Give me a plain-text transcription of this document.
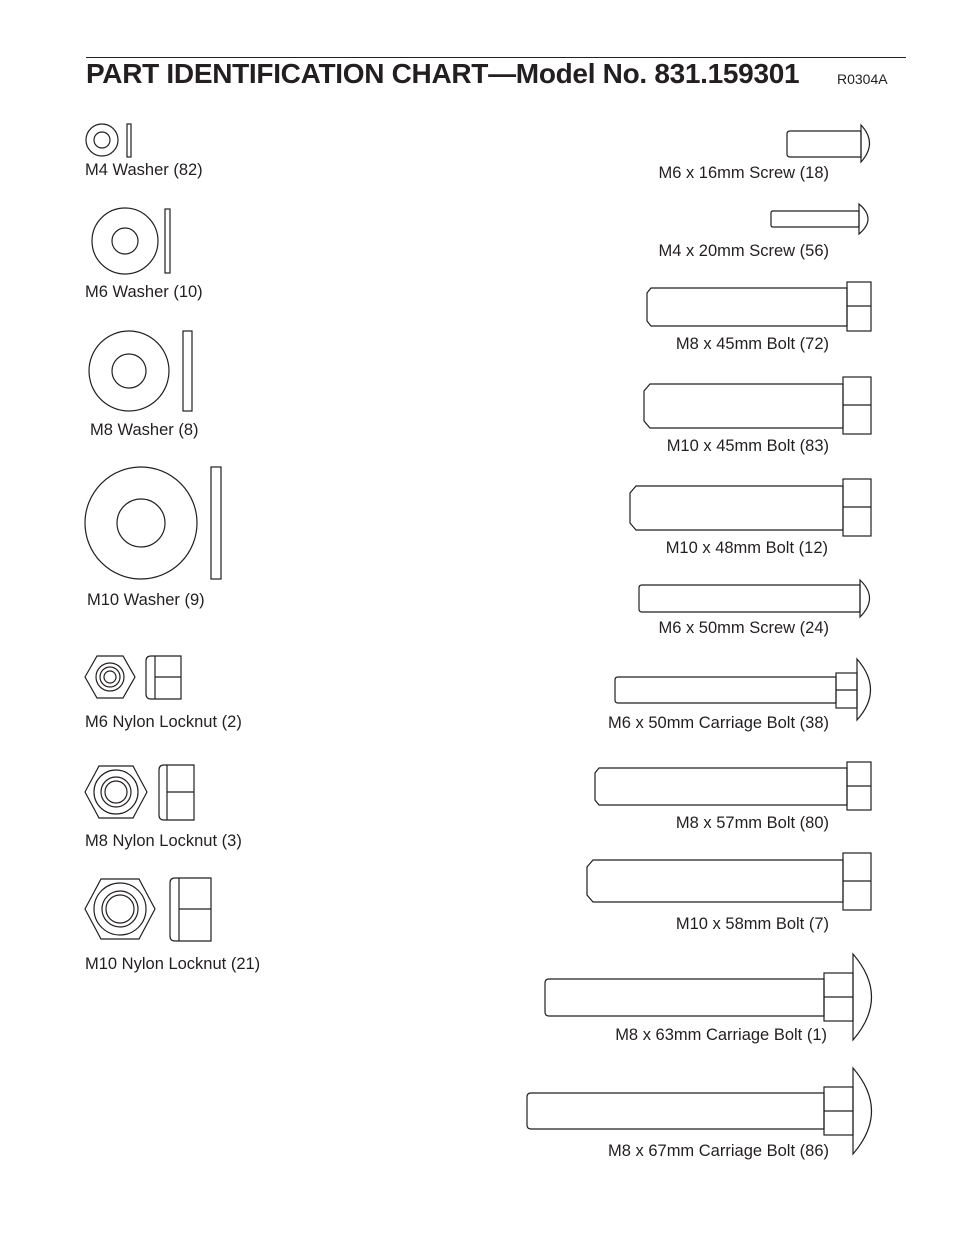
PART IDENTIFICATION CHART—Model No. 831.159301	R0304A
M4 Washer (82)
M6 Washer (10)
M8 Washer (8)
M10 Washer (9)
M6 Nylon Locknut (2)
M8 Nylon Locknut (3)
M10 Nylon Locknut (21)
M6 x 16mm Screw (18)
M4 x 20mm Screw (56)
M8 x 45mm Bolt (72)
M10 x 45mm Bolt (83)
M10 x 48mm Bolt (12)
M6 x 50mm Screw (24)
M6 x 50mm Carriage Bolt (38)
M8 x 57mm Bolt (80)
M10 x 58mm Bolt (7)
M8 x 63mm Carriage Bolt (1)
M8 x 67mm Carriage Bolt (86)
